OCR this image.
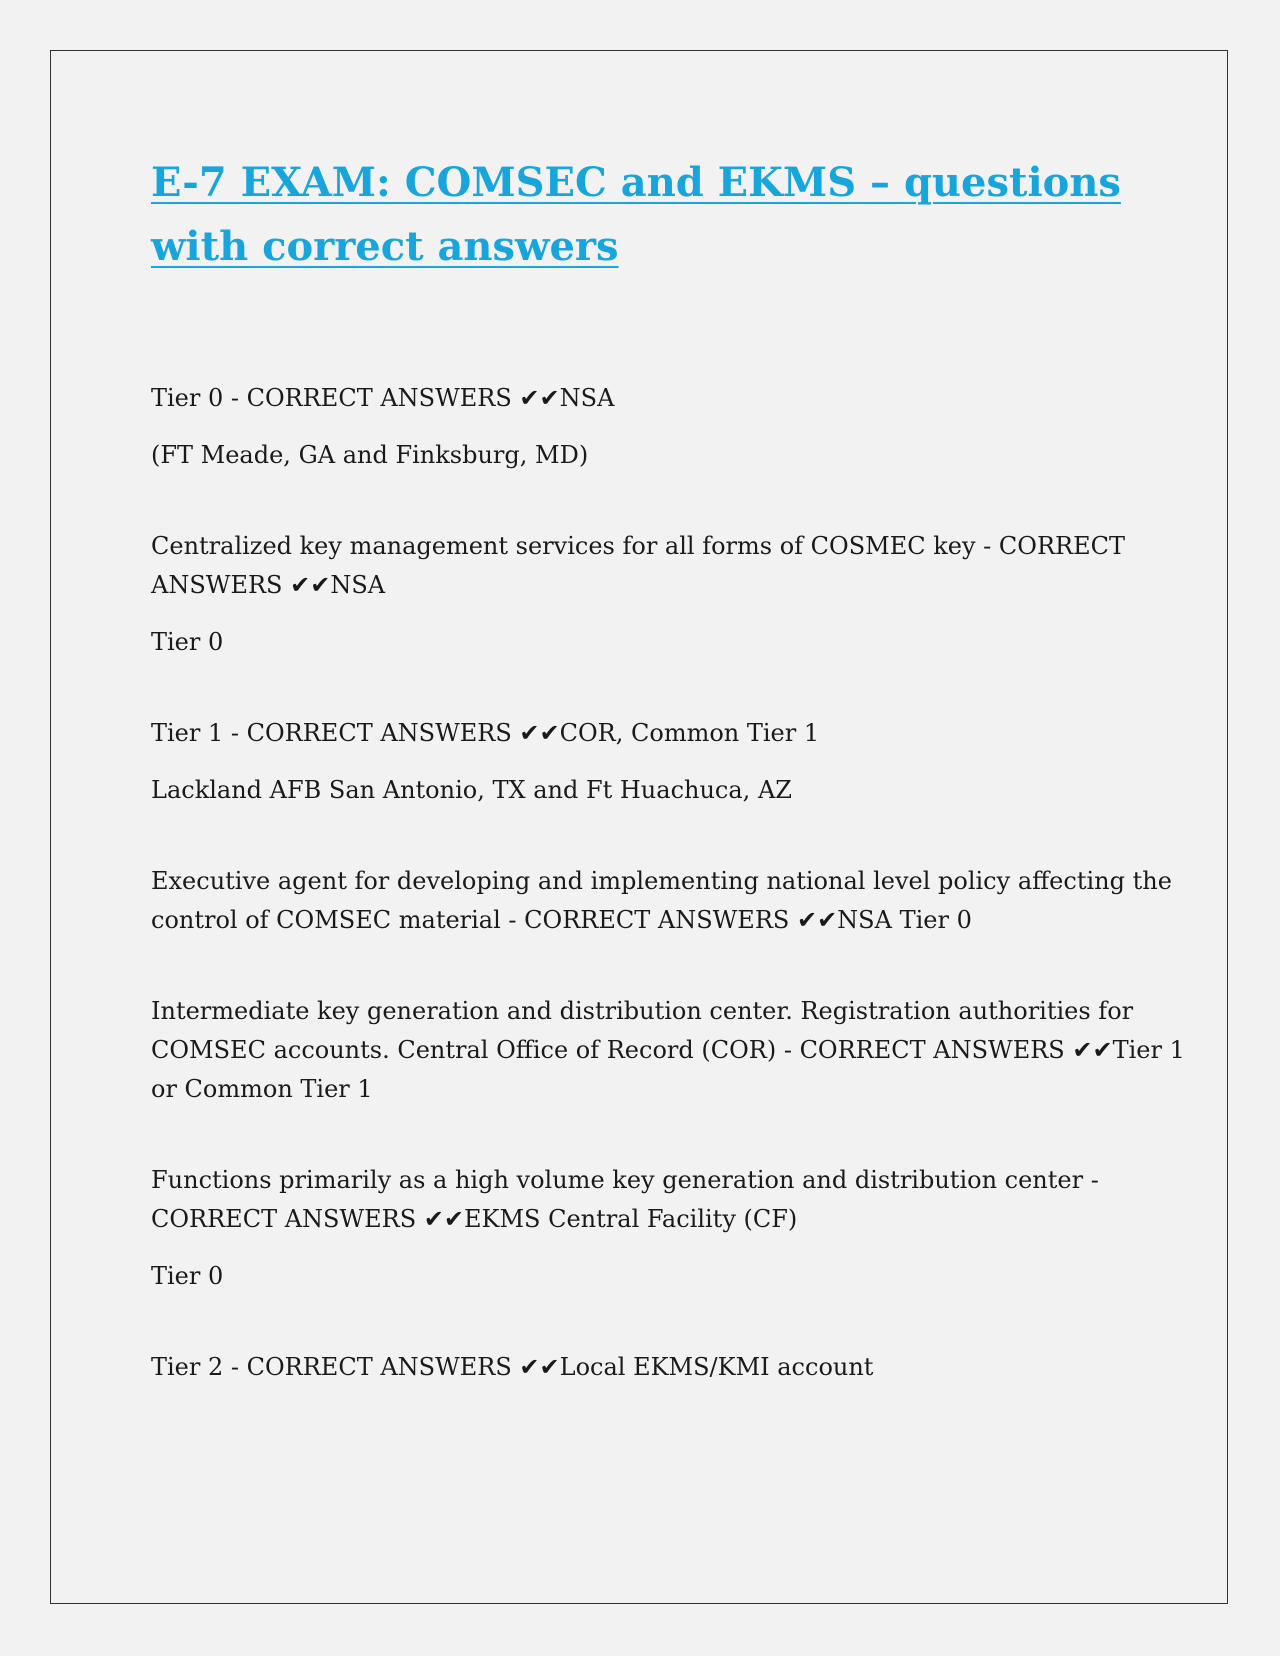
E-7 EXAM: COMSEC and EKMS – questions with correct answers

Tier 0 - CORRECT ANSWERS ✔✔NSA

(FT Meade, GA and Finksburg, MD)

Centralized key management services for all forms of COSMEC key - CORRECT ANSWERS ✔✔NSA

Tier 0

Tier 1 - CORRECT ANSWERS ✔✔COR, Common Tier 1

Lackland AFB San Antonio, TX and Ft Huachuca, AZ

Executive agent for developing and implementing national level policy affecting the control of COMSEC material - CORRECT ANSWERS ✔✔NSA Tier 0

Intermediate key generation and distribution center. Registration authorities for COMSEC accounts. Central Office of Record (COR) - CORRECT ANSWERS ✔✔Tier 1 or Common Tier 1

Functions primarily as a high volume key generation and distribution center - CORRECT ANSWERS ✔✔EKMS Central Facility (CF)

Tier 0

Tier 2 - CORRECT ANSWERS ✔✔Local EKMS/KMI account
